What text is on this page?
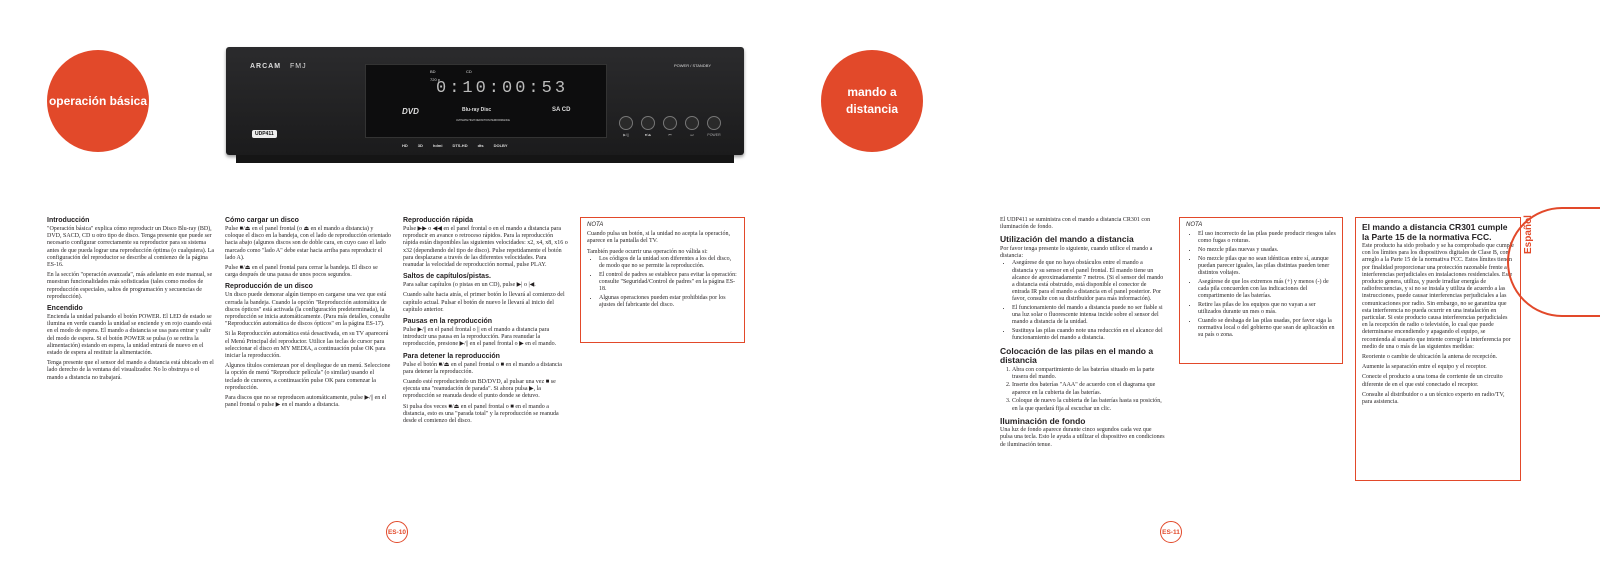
operación básica
ARCAM FMJ	POWER / STANDBY
UDP411
BD
720 p
CD
0:10:00:53
DVD	Blu-ray Disc
ULTIMATE HIGH DEFINITION PERFORMANCE
SA CD
HD	3D	hdmi	DTS-HD	dts	DOLBY
▶/||	■/⏏	⏮	⏭	POWER
Introducción

"Operación básica" explica cómo reproducir un Disco Blu-ray (BD), DVD, SACD, CD u otro tipo de disco. Tenga presente que puede ser necesario configurar correctamente su reproductor para su sistema antes de que pueda lograr una reproducción óptima (o cualquiera). La configuración del reproductor se describe al comienzo de la página ES-16.

En la sección "operación avanzada", más adelante en este manual, se muestran funcionalidades más sofisticadas (tales como modos de reproducción especiales, saltos de programación y secuencias de reproducción).

Encendido

Encienda la unidad pulsando el botón POWER. El LED de estado se ilumina en verde cuando la unidad se enciende y en rojo cuando está en el modo de espera. El mando a distancia se usa para entrar y salir del modo de espera. Si el botón POWER se pulsa (o se retira la alimentación) estando en espera, la unidad entrará de nuevo en el estado de espera al restituir la alimentación.

Tenga presente que el sensor del mando a distancia está ubicado en el lado derecho de la ventana del visualizador. No lo obstruya o el mando a distancia no trabajará.

Cómo cargar un disco

Pulse ■/⏏ en el panel frontal (o ⏏ en el mando a distancia) y coloque el disco en la bandeja, con el lado de reproducción orientado hacia abajo (algunos discos son de doble cara, en cuyo caso el lado marcado como "lado A" debe estar hacia arriba para reproducir el lado A).

Pulse ■/⏏ en el panel frontal para cerrar la bandeja. El disco se carga después de una pausa de unos pocos segundos.

Reproducción de un disco

Un disco puede demorar algún tiempo en cargarse una vez que está cerrada la bandeja. Cuando la opción "Reproducción automática de discos ópticos" está activada (la configuración predeterminada), la reproducción se inicia automáticamente. (Para más detalles, consulte "Reproducción automática de discos ópticos" en la página ES-17).

Si la Reproducción automática está desactivada, en su TV aparecerá el Menú Principal del reproductor. Utilice las teclas de cursor para seleccionar el disco en MY MEDIA, a continuación pulse OK para iniciar la reproducción.

Algunos títulos comienzan por el despliegue de un menú. Seleccione la opción de menú "Reproducir película" (o similar) usando el teclado de cursores, a continuación pulse OK para comenzar la reproducción.

Para discos que no se reproducen automáticamente, pulse ▶/|| en el panel frontal o pulse ▶ en el mando a distancia.

Reproducción rápida

Pulse ▶▶ o ◀◀ en el panel frontal o en el mando a distancia para reproducir en avance o retroceso rápidos. Para la reproducción rápida están disponibles las siguientes velocidades: x2, x4, x8, x16 o x32 (dependiendo del tipo de disco). Pulse repetidamente el botón para desplazarse a través de las diferentes velocidades. Para reanudar la velocidad de reproducción normal, pulse PLAY.

Saltos de capítulos/pistas.

Para saltar capítulos (o pistas en un CD), pulse ▶| o |◀.

Cuando salte hacia atrás, el primer botón lo llevará al comienzo del capítulo actual. Pulsar el botón de nuevo le llevará al inicio del capítulo anterior.

Pausas en la reproducción

Pulse ▶/|| en el panel frontal o || en el mando a distancia para introducir una pausa en la reproducción. Para reanudar la reproducción, presione ▶/|| en el panel frontal o ▶ en el mando.

Para detener la reproducción

Pulse el botón ■/⏏ en el panel frontal o ■ en el mando a distancia para detener la reproducción.

Cuando esté reproduciendo un BD/DVD, al pulsar una vez ■ se ejecuta una "reanudación de parada". Si ahora pulsa ▶, la reproducción se reanuda desde el punto donde se detuvo.

Si pulsa dos veces ■/⏏ en el panel frontal o ■ en el mando a distancia, esto es una "parada total" y la reproducción se reanuda desde el comienzo del disco.

NOTA

Cuando pulsa un botón, si la unidad no acepta la operación, ⃠ aparece en la pantalla del TV.

También puede ocurrir una operación no válida si:

• Los códigos de la unidad son diferentes a los del disco, de modo que no se permite la reproducción.
• El control de padres se establece para evitar la operación: consulte "Seguridad/Control de padres" en la página ES-18.
• Algunas operaciones pueden estar prohibidas por los ajustes del fabricante del disco.
ES-10
mando a distancia

El UDP411 se suministra con el mando a distancia CR301 con iluminación de fondo.

Utilización del mando a distancia

Por favor tenga presente lo siguiente, cuando utilice el mando a distancia:

• Asegúrese de que no haya obstáculos entre el mando a distancia y su sensor en el panel frontal. El mando tiene un alcance de aproximadamente 7 metros. (Si el sensor del mando a distancia está obstruido, está disponible el conector de entrada IR para el mando a distancia en el panel posterior. Por favor, consulte con su distribuidor para más información).
• El funcionamiento del mando a distancia puede no ser fiable si una luz solar o fluorescente intensa incide sobre el sensor del mando a distancia de la unidad.
• Sustituya las pilas cuando note una reducción en el alcance del funcionamiento del mando a distancia.
Colocación de las pilas en el mando a distancia
1. Abra con compartimiento de las baterías situado en la parte trasera del mando.
2. Inserte dos baterías "AAA" de acuerdo con el diagrama que aparece en la cubierta de las baterías.
3. Coloque de nuevo la cubierta de las baterías hasta su posición, en la que quedará fija al escuchar un clic.
Iluminación de fondo

Una luz de fondo aparece durante cinco segundos cada vez que pulsa una tecla. Esto le ayuda a utilizar el dispositivo en condiciones de iluminación tenue.

NOTA
• El uso incorrecto de las pilas puede producir riesgos tales como fugas o roturas.
• No mezcle pilas nuevas y usadas.
• No mezcle pilas que no sean idénticas entre sí, aunque puedan parecer iguales, las pilas distintas pueden tener distintos voltajes.
• Asegúrese de que los extremos más (+) y menos (-) de cada pila concuerden con las indicaciones del compartimento de las baterías.
• Retire las pilas de los equipos que no vayan a ser utilizados durante un mes o más.
• Cuando se deshaga de las pilas usadas, por favor siga la normativa local o del gobierno que sean de aplicación en su país o zona.
El mando a distancia CR301 cumple la Parte 15 de la normativa FCC.

Este producto ha sido probado y se ha comprobado que cumple con los límites para los dispositivos digitales de Clase B, con arreglo a la Parte 15 de la normativa FCC. Estos límites tienen por finalidad proporcionar una protección razonable frente a interferencias perjudiciales en instalaciones residenciales. Este producto genera, utiliza, y puede irradiar energía de radiofrecuencias, y si no se instala y utiliza de acuerdo a las instrucciones, puede causar interferencias perjudiciales a las comunicaciones por radio. Sin embargo, no se garantiza que esta interferencia no pueda ocurrir en una instalación en particular. Si este producto causa interferencias perjudiciales en la recepción de radio o televisión, lo cual que puede determinarse encendiendo y apagando el equipo, se recomienda al usuario que intente corregir la interferencia por medio de una o más de las siguientes medidas:

Reoriente o cambie de ubicación la antena de recepción.

Aumente la separación entre el equipo y el receptor.

Conecte el producto a una toma de corriente de un circuito diferente de en el que esté conectado el receptor.

Consulte al distribuidor o a un técnico experto en radio/TV, para asistencia.

Español
ES-11
